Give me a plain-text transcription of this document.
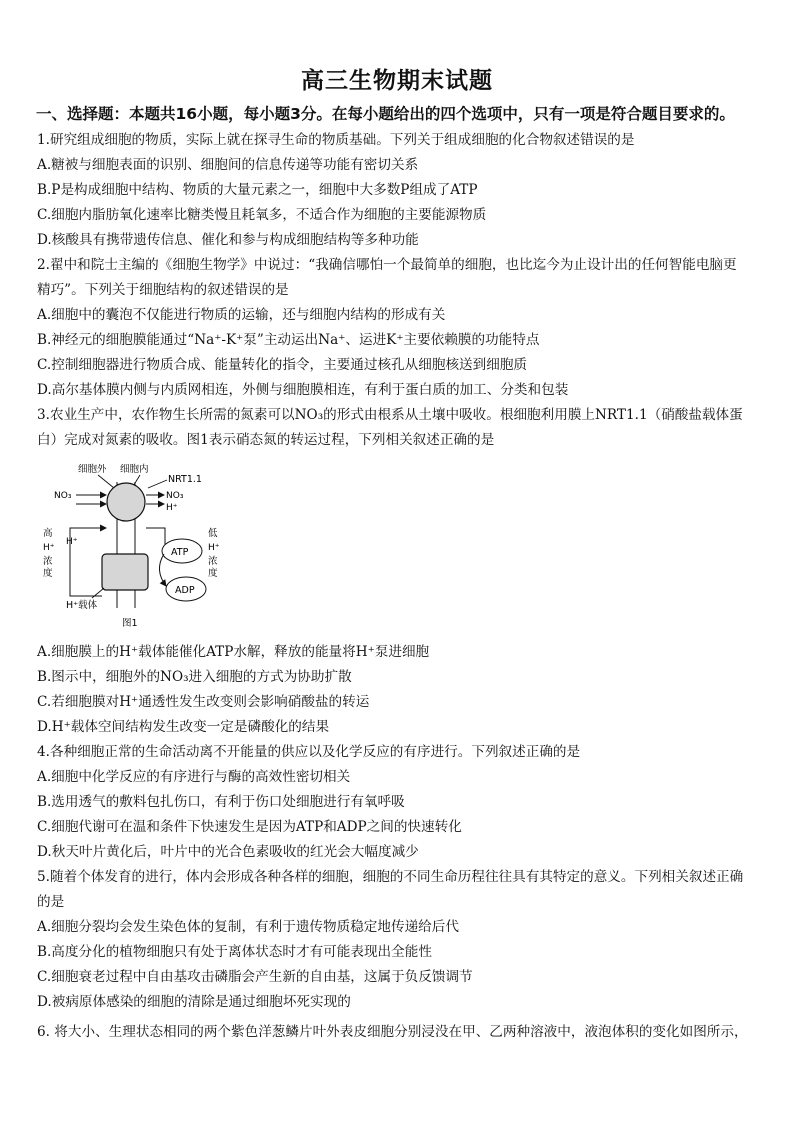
高三生物期末试题
一、选择题：本题共16小题，每小题3分。在每小题给出的四个选项中，只有一项是符合题目要求的。
1.研究组成细胞的物质，实际上就在探寻生命的物质基础。下列关于组成细胞的化合物叙述错误的是
A.糖被与细胞表面的识别、细胞间的信息传递等功能有密切关系
B.P是构成细胞中结构、物质的大量元素之一，细胞中大多数P组成了ATP
C.细胞内脂肪氧化速率比糖类慢且耗氧多，不适合作为细胞的主要能源物质
D.核酸具有携带遗传信息、催化和参与构成细胞结构等多种功能
2.翟中和院士主编的《细胞生物学》中说过：“我确信哪怕一个最简单的细胞，也比迄今为止设计出的任何智能电脑更
精巧”。下列关于细胞结构的叙述错误的是
A.细胞中的囊泡不仅能进行物质的运输，还与细胞内结构的形成有关
B.神经元的细胞膜能通过“Na⁺-K⁺泵”主动运出Na⁺、运进K⁺主要依赖膜的功能特点
C.控制细胞器进行物质合成、能量转化的指令，主要通过核孔从细胞核送到细胞质
D.高尔基体膜内侧与内质网相连，外侧与细胞膜相连，有利于蛋白质的加工、分类和包装
3.农业生产中，农作物生长所需的氮素可以NO₃的形式由根系从土壤中吸收。根细胞利用膜上NRT1.1（硝酸盐载体蛋
白）完成对氮素的吸收。图1表示硝态氮的转运过程，下列相关叙述正确的是
细胞外 细胞内
NRT1.1
NO₃	NO₃
H⁺
高
H⁺
浓
度
低
H⁺
浓
度
H⁺
H⁺载体
ATP
ADP
图1
A.细胞膜上的H⁺载体能催化ATP水解，释放的能量将H⁺泵进细胞
B.图示中，细胞外的NO₃进入细胞的方式为协助扩散
C.若细胞膜对H⁺通透性发生改变则会影响硝酸盐的转运
D.H⁺载体空间结构发生改变一定是磷酸化的结果
4.各种细胞正常的生命活动离不开能量的供应以及化学反应的有序进行。下列叙述正确的是
A.细胞中化学反应的有序进行与酶的高效性密切相关
B.选用透气的敷料包扎伤口，有利于伤口处细胞进行有氧呼吸
C.细胞代谢可在温和条件下快速发生是因为ATP和ADP之间的快速转化
D.秋天叶片黄化后，叶片中的光合色素吸收的红光会大幅度减少
5.随着个体发育的进行，体内会形成各种各样的细胞，细胞的不同生命历程往往具有其特定的意义。下列相关叙述正确
的是
A.细胞分裂均会发生染色体的复制，有利于遗传物质稳定地传递给后代
B.高度分化的植物细胞只有处于离体状态时才有可能表现出全能性
C.细胞衰老过程中自由基攻击磷脂会产生新的自由基，这属于负反馈调节
D.被病原体感染的细胞的清除是通过细胞坏死实现的
6. 将大小、生理状态相同的两个紫色洋葱鳞片叶外表皮细胞分别浸没在甲、乙两种溶液中，液泡体积的变化如图所示，
